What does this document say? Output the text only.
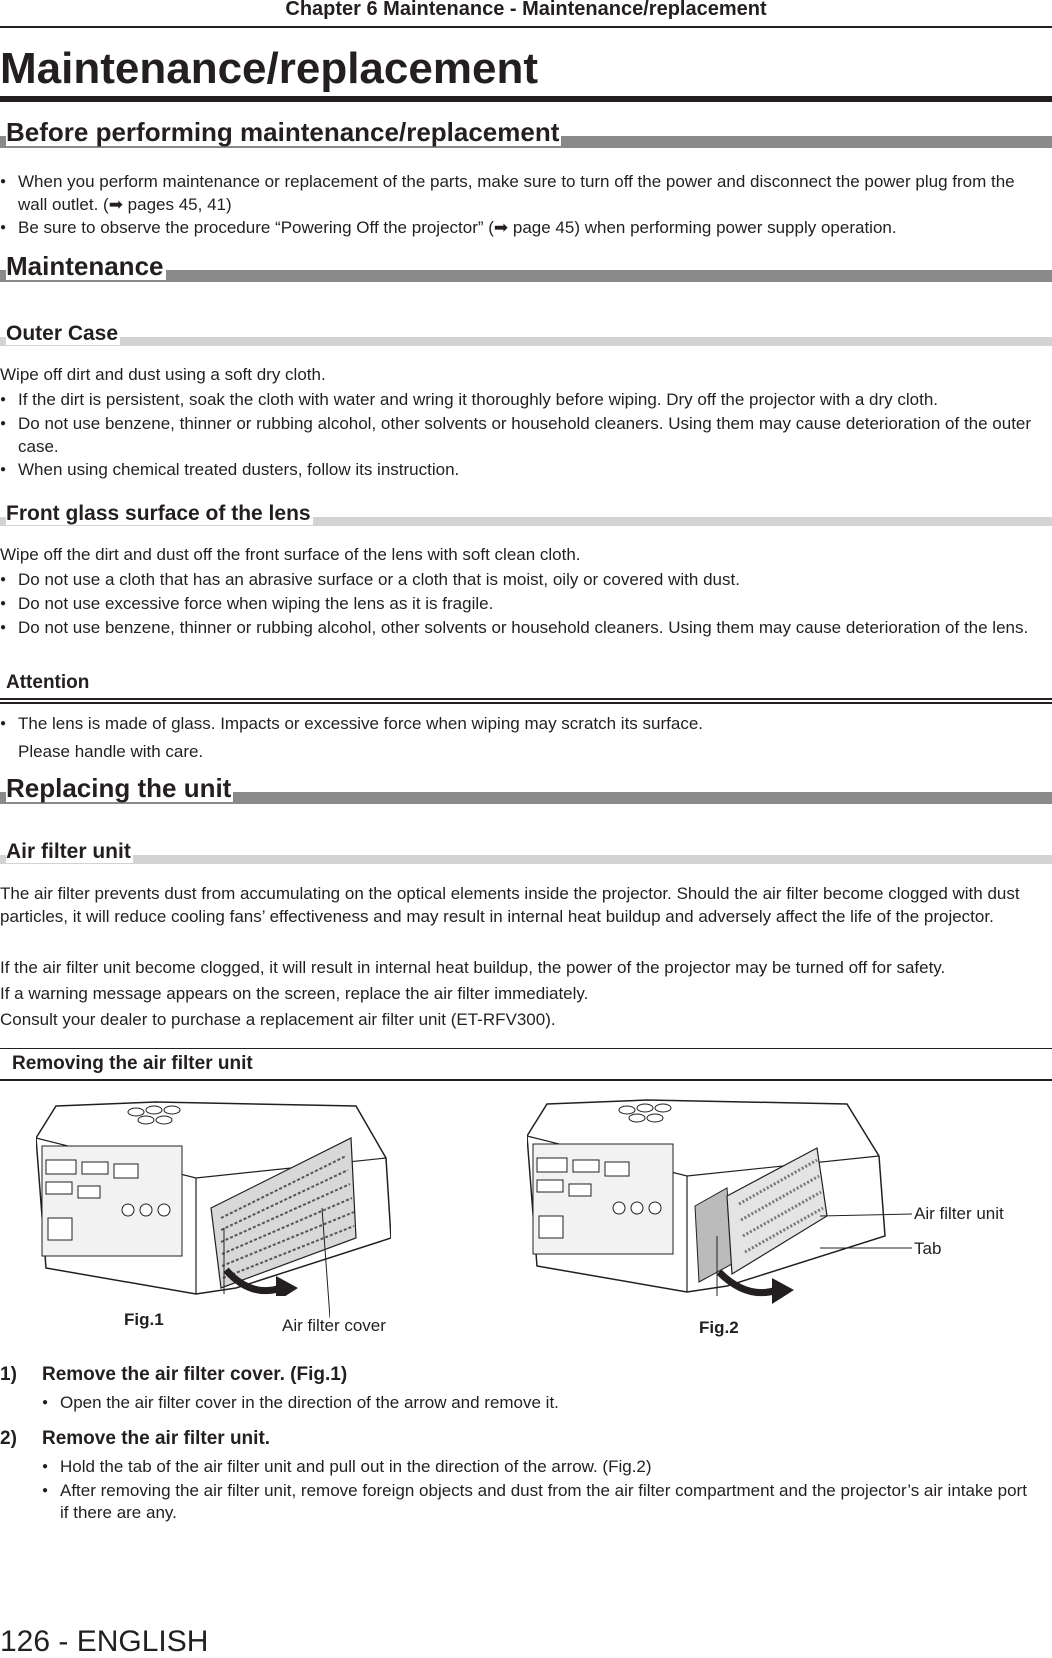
Chapter 6 Maintenance - Maintenance/replacement
Maintenance/replacement
Before performing maintenance/replacement
● When you perform maintenance or replacement of the parts, make sure to turn off the power and disconnect the power plug from the wall outlet. (➡ pages 45, 41)
● Be sure to observe the procedure “Powering Off the projector” (➡ page 45) when performing power supply operation.
Maintenance
Outer Case
Wipe off dirt and dust using a soft dry cloth.
● If the dirt is persistent, soak the cloth with water and wring it thoroughly before wiping. Dry off the projector with a dry cloth.
● Do not use benzene, thinner or rubbing alcohol, other solvents or household cleaners. Using them may cause deterioration of the outer case.
● When using chemical treated dusters, follow its instruction.
Front glass surface of the lens
Wipe off the dirt and dust off the front surface of the lens with soft clean cloth.
● Do not use a cloth that has an abrasive surface or a cloth that is moist, oily or covered with dust.
● Do not use excessive force when wiping the lens as it is fragile.
● Do not use benzene, thinner or rubbing alcohol, other solvents or household cleaners. Using them may cause deterioration of the lens.
Attention
● The lens is made of glass. Impacts or excessive force when wiping may scratch its surface.
Please handle with care.
Replacing the unit
Air filter unit
The air filter prevents dust from accumulating on the optical elements inside the projector. Should the air filter become clogged with dust particles, it will reduce cooling fans’ effectiveness and may result in internal heat buildup and adversely affect the life of the projector.
If the air filter unit become clogged, it will result in internal heat buildup, the power of the projector may be turned off for safety.
If a warning message appears on the screen, replace the air filter immediately.
Consult your dealer to purchase a replacement air filter unit (ET-RFV300).
Removing the air filter unit
Fig.1	Air filter cover	Fig.2
Air filter unit
Tab
1) Remove the air filter cover. (Fig.1)
● Open the air filter cover in the direction of the arrow and remove it.
2) Remove the air filter unit.
● Hold the tab of the air filter unit and pull out in the direction of the arrow. (Fig.2)
● After removing the air filter unit, remove foreign objects and dust from the air filter compartment and the projector’s air intake port if there are any.
126 - ENGLISH
